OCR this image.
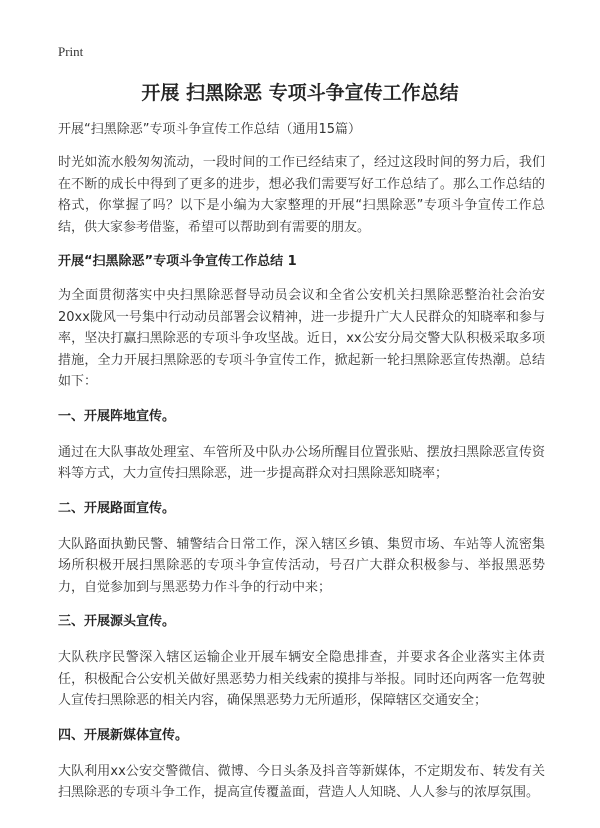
Print
开展 扫黑除恶 专项斗争宣传工作总结

开展“扫黑除恶”专项斗争宣传工作总结（通用15篇）

时光如流水般匆匆流动，一段时间的工作已经结束了，经过这段时间的努力后，我们在不断的成长中得到了更多的进步，想必我们需要写好工作总结了。那么工作总结的格式，你掌握了吗？以下是小编为大家整理的开展“扫黑除恶”专项斗争宣传工作总结，供大家参考借鉴，希望可以帮助到有需要的朋友。

开展“扫黑除恶”专项斗争宣传工作总结 1

为全面贯彻落实中央扫黑除恶督导动员会议和全省公安机关扫黑除恶整治社会治安20xx陇风一号集中行动动员部署会议精神，进一步提升广大人民群众的知晓率和参与率，坚决打赢扫黑除恶的专项斗争攻坚战。近日，xx公安分局交警大队积极采取多项措施，全力开展扫黑除恶的专项斗争宣传工作，掀起新一轮扫黑除恶宣传热潮。总结如下：

一、开展阵地宣传。

通过在大队事故处理室、车管所及中队办公场所醒目位置张贴、摆放扫黑除恶宣传资料等方式，大力宣传扫黑除恶，进一步提高群众对扫黑除恶知晓率；

二、开展路面宣传。

大队路面执勤民警、辅警结合日常工作，深入辖区乡镇、集贸市场、车站等人流密集场所积极开展扫黑除恶的专项斗争宣传活动，号召广大群众积极参与、举报黑恶势力，自觉参加到与黑恶势力作斗争的行动中来；

三、开展源头宣传。

大队秩序民警深入辖区运输企业开展车辆安全隐患排查，并要求各企业落实主体责任，积极配合公安机关做好黑恶势力相关线索的摸排与举报。同时还向两客一危驾驶人宣传扫黑除恶的相关内容，确保黑恶势力无所遁形，保障辖区交通安全；

四、开展新媒体宣传。

大队利用xx公安交警微信、微博、今日头条及抖音等新媒体，不定期发布、转发有关扫黑除恶的专项斗争工作，提高宣传覆盖面，营造人人知晓、人人参与的浓厚氛围。
